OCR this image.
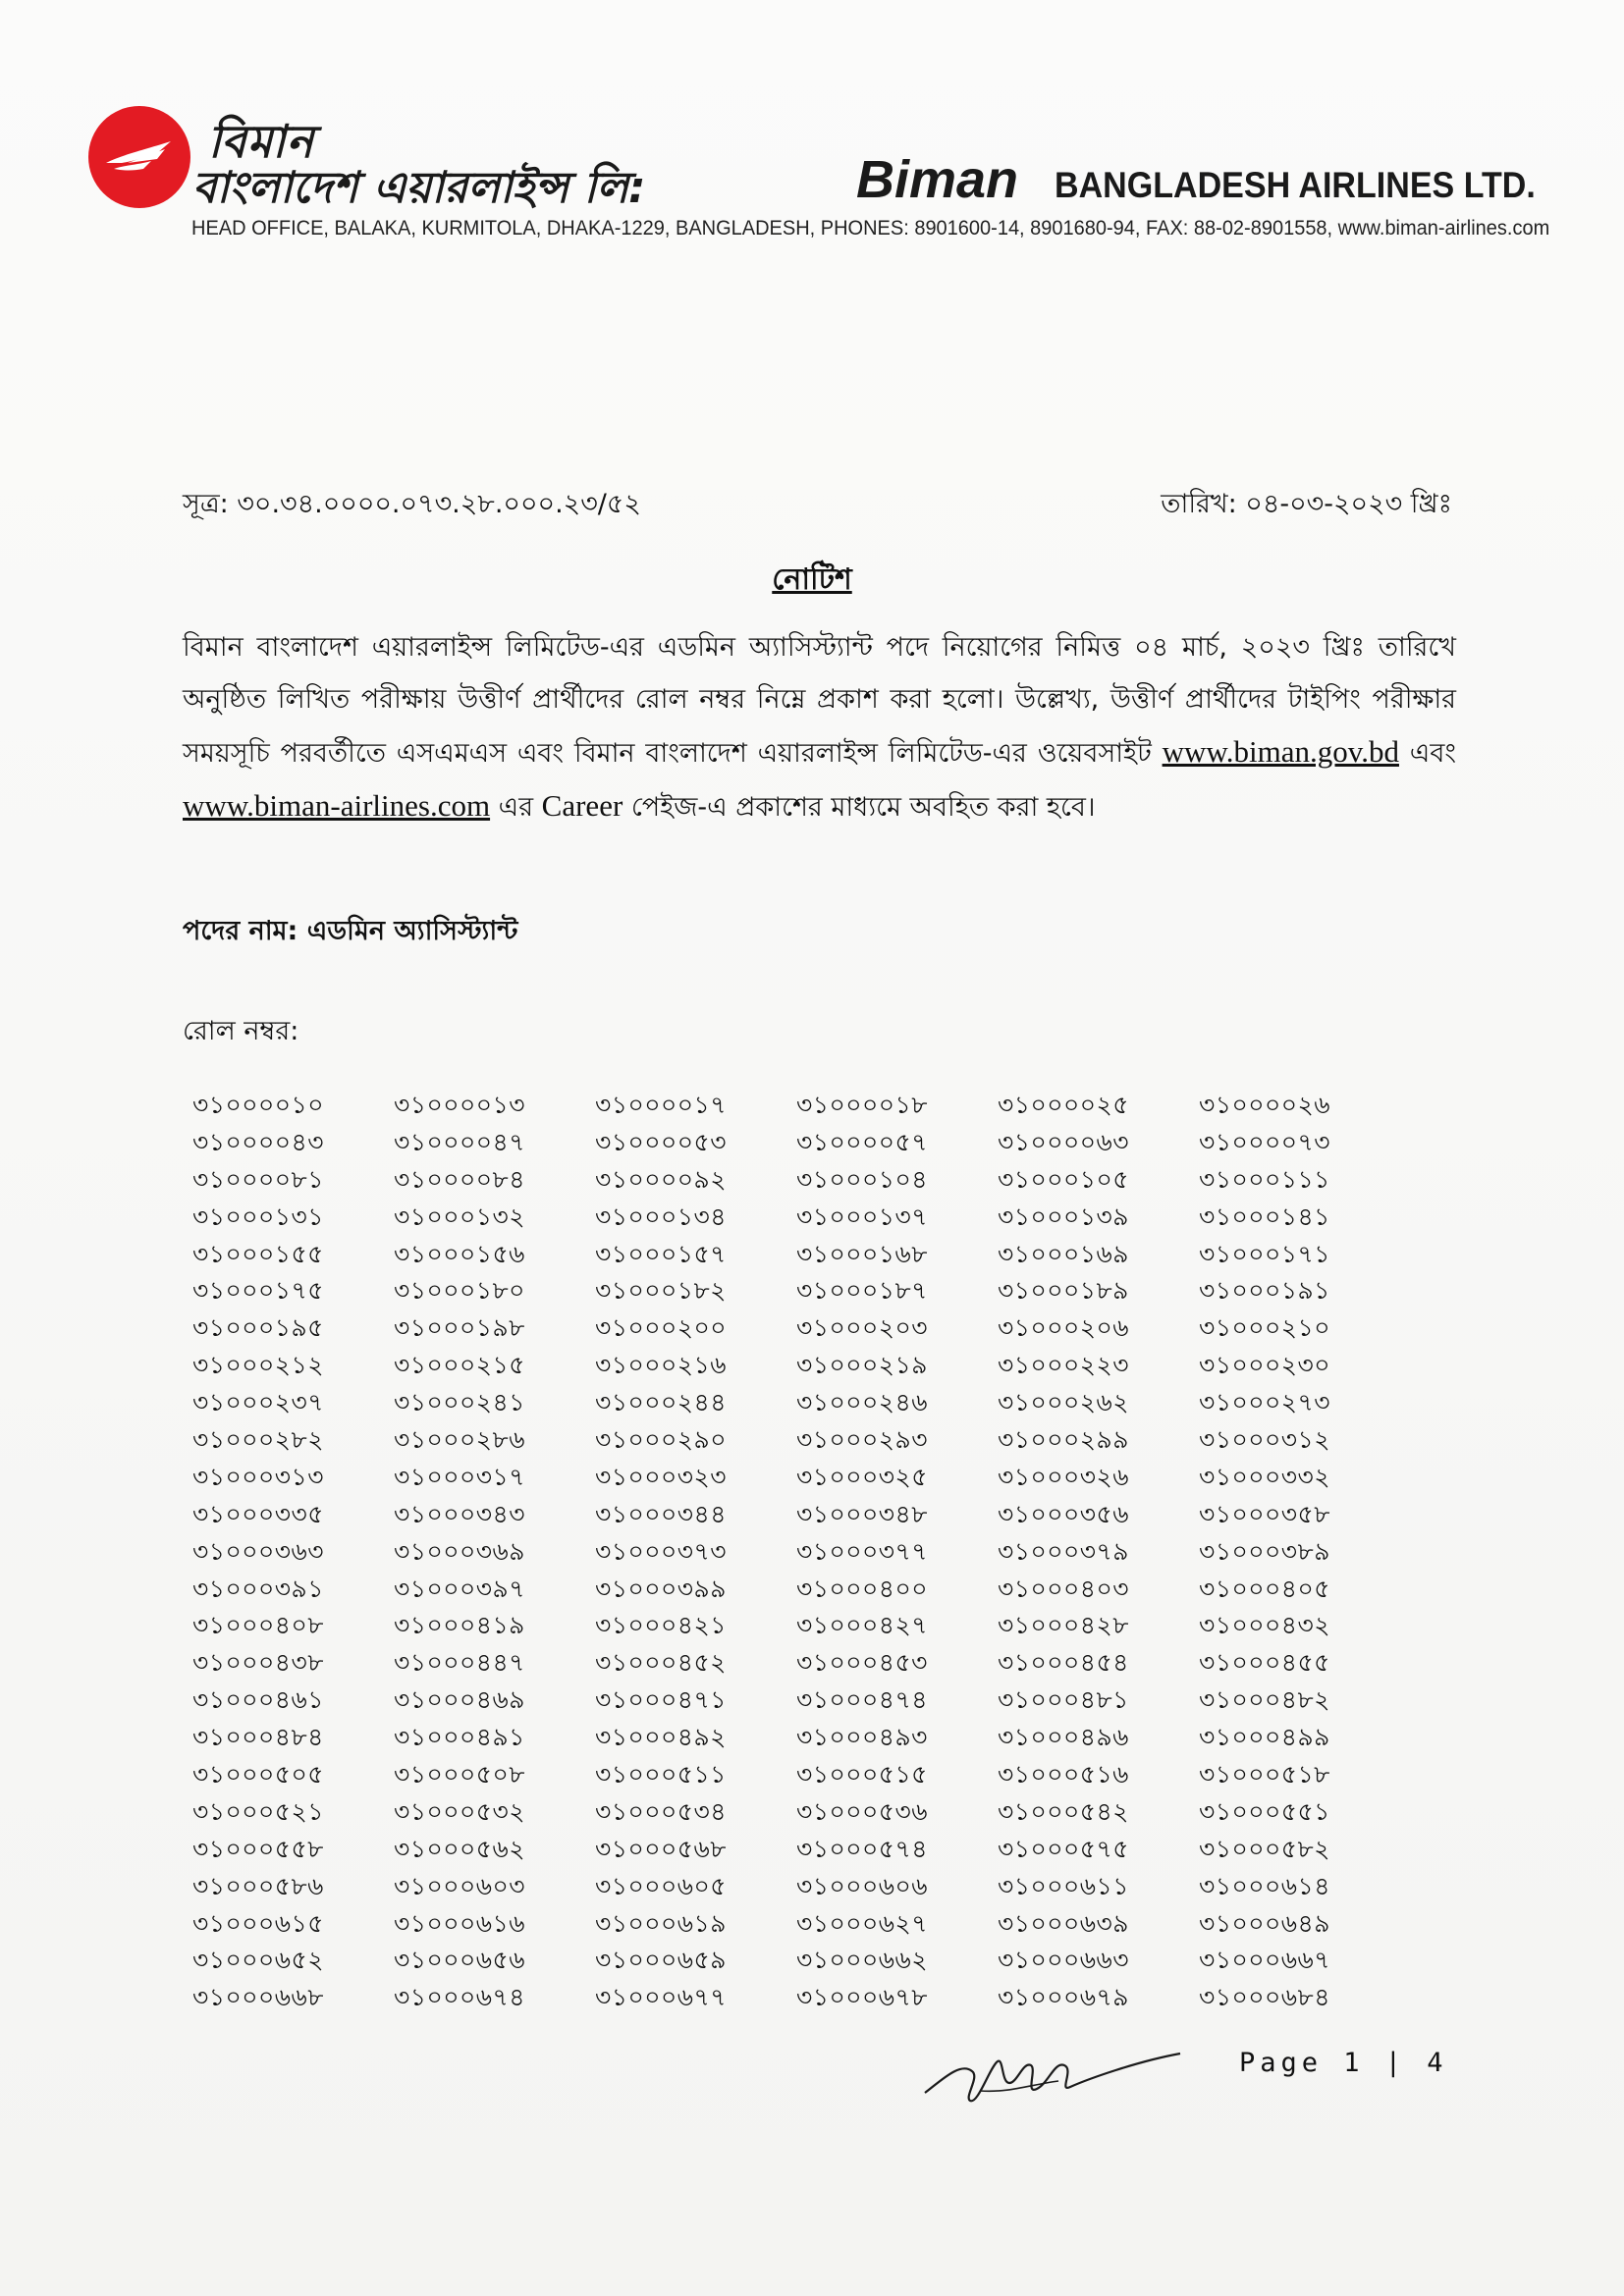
বিমান
বাংলাদেশ এয়ারলাইন্স লি:	Biman BANGLADESH AIRLINES LTD.
HEAD OFFICE, BALAKA, KURMITOLA, DHAKA-1229, BANGLADESH, PHONES: 8901600-14, 8901680-94, FAX: 88-02-8901558, www.biman-airlines.com
সূত্র: ৩০.৩৪.০০০০.০৭৩.২৮.০০০.২৩/৫২	তারিখ: ০৪-০৩-২০২৩ খ্রিঃ
নোটিশ
বিমান বাংলাদেশ এয়ারলাইন্স লিমিটেড-এর এডমিন অ্যাসিস্ট্যান্ট পদে নিয়োগের নিমিত্ত ০৪ মার্চ, ২০২৩ খ্রিঃ তারিখে অনুষ্ঠিত লিখিত পরীক্ষায় উত্তীর্ণ প্রার্থীদের রোল নম্বর নিম্নে প্রকাশ করা হলো। উল্লেখ্য, উত্তীর্ণ প্রার্থীদের টাইপিং পরীক্ষার সময়সূচি পরবর্তীতে এসএমএস এবং বিমান বাংলাদেশ এয়ারলাইন্স লিমিটেড-এর ওয়েবসাইট www.biman.gov.bd এবং www.biman-airlines.com এর Career পেইজ-এ প্রকাশের মাধ্যমে অবহিত করা হবে।
পদের নাম: এডমিন অ্যাসিস্ট্যান্ট
রোল নম্বর:
৩১০০০০১০	৩১০০০০১৩	৩১০০০০১৭	৩১০০০০১৮	৩১০০০০২৫	৩১০০০০২৬
৩১০০০০৪৩	৩১০০০০৪৭	৩১০০০০৫৩	৩১০০০০৫৭	৩১০০০০৬৩	৩১০০০০৭৩
৩১০০০০৮১	৩১০০০০৮৪	৩১০০০০৯২	৩১০০০১০৪	৩১০০০১০৫	৩১০০০১১১
৩১০০০১৩১	৩১০০০১৩২	৩১০০০১৩৪	৩১০০০১৩৭	৩১০০০১৩৯	৩১০০০১৪১
৩১০০০১৫৫	৩১০০০১৫৬	৩১০০০১৫৭	৩১০০০১৬৮	৩১০০০১৬৯	৩১০০০১৭১
৩১০০০১৭৫	৩১০০০১৮০	৩১০০০১৮২	৩১০০০১৮৭	৩১০০০১৮৯	৩১০০০১৯১
৩১০০০১৯৫	৩১০০০১৯৮	৩১০০০২০০	৩১০০০২০৩	৩১০০০২০৬	৩১০০০২১০
৩১০০০২১২	৩১০০০২১৫	৩১০০০২১৬	৩১০০০২১৯	৩১০০০২২৩	৩১০০০২৩০
৩১০০০২৩৭	৩১০০০২৪১	৩১০০০২৪৪	৩১০০০২৪৬	৩১০০০২৬২	৩১০০০২৭৩
৩১০০০২৮২	৩১০০০২৮৬	৩১০০০২৯০	৩১০০০২৯৩	৩১০০০২৯৯	৩১০০০৩১২
৩১০০০৩১৩	৩১০০০৩১৭	৩১০০০৩২৩	৩১০০০৩২৫	৩১০০০৩২৬	৩১০০০৩৩২
৩১০০০৩৩৫	৩১০০০৩৪৩	৩১০০০৩৪৪	৩১০০০৩৪৮	৩১০০০৩৫৬	৩১০০০৩৫৮
৩১০০০৩৬৩	৩১০০০৩৬৯	৩১০০০৩৭৩	৩১০০০৩৭৭	৩১০০০৩৭৯	৩১০০০৩৮৯
৩১০০০৩৯১	৩১০০০৩৯৭	৩১০০০৩৯৯	৩১০০০৪০০	৩১০০০৪০৩	৩১০০০৪০৫
৩১০০০৪০৮	৩১০০০৪১৯	৩১০০০৪২১	৩১০০০৪২৭	৩১০০০৪২৮	৩১০০০৪৩২
৩১০০০৪৩৮	৩১০০০৪৪৭	৩১০০০৪৫২	৩১০০০৪৫৩	৩১০০০৪৫৪	৩১০০০৪৫৫
৩১০০০৪৬১	৩১০০০৪৬৯	৩১০০০৪৭১	৩১০০০৪৭৪	৩১০০০৪৮১	৩১০০০৪৮২
৩১০০০৪৮৪	৩১০০০৪৯১	৩১০০০৪৯২	৩১০০০৪৯৩	৩১০০০৪৯৬	৩১০০০৪৯৯
৩১০০০৫০৫	৩১০০০৫০৮	৩১০০০৫১১	৩১০০০৫১৫	৩১০০০৫১৬	৩১০০০৫১৮
৩১০০০৫২১	৩১০০০৫৩২	৩১০০০৫৩৪	৩১০০০৫৩৬	৩১০০০৫৪২	৩১০০০৫৫১
৩১০০০৫৫৮	৩১০০০৫৬২	৩১০০০৫৬৮	৩১০০০৫৭৪	৩১০০০৫৭৫	৩১০০০৫৮২
৩১০০০৫৮৬	৩১০০০৬০৩	৩১০০০৬০৫	৩১০০০৬০৬	৩১০০০৬১১	৩১০০০৬১৪
৩১০০০৬১৫	৩১০০০৬১৬	৩১০০০৬১৯	৩১০০০৬২৭	৩১০০০৬৩৯	৩১০০০৬৪৯
৩১০০০৬৫২	৩১০০০৬৫৬	৩১০০০৬৫৯	৩১০০০৬৬২	৩১০০০৬৬৩	৩১০০০৬৬৭
৩১০০০৬৬৮	৩১০০০৬৭৪	৩১০০০৬৭৭	৩১০০০৬৭৮	৩১০০০৬৭৯	৩১০০০৬৮৪
Page 1 | 4
